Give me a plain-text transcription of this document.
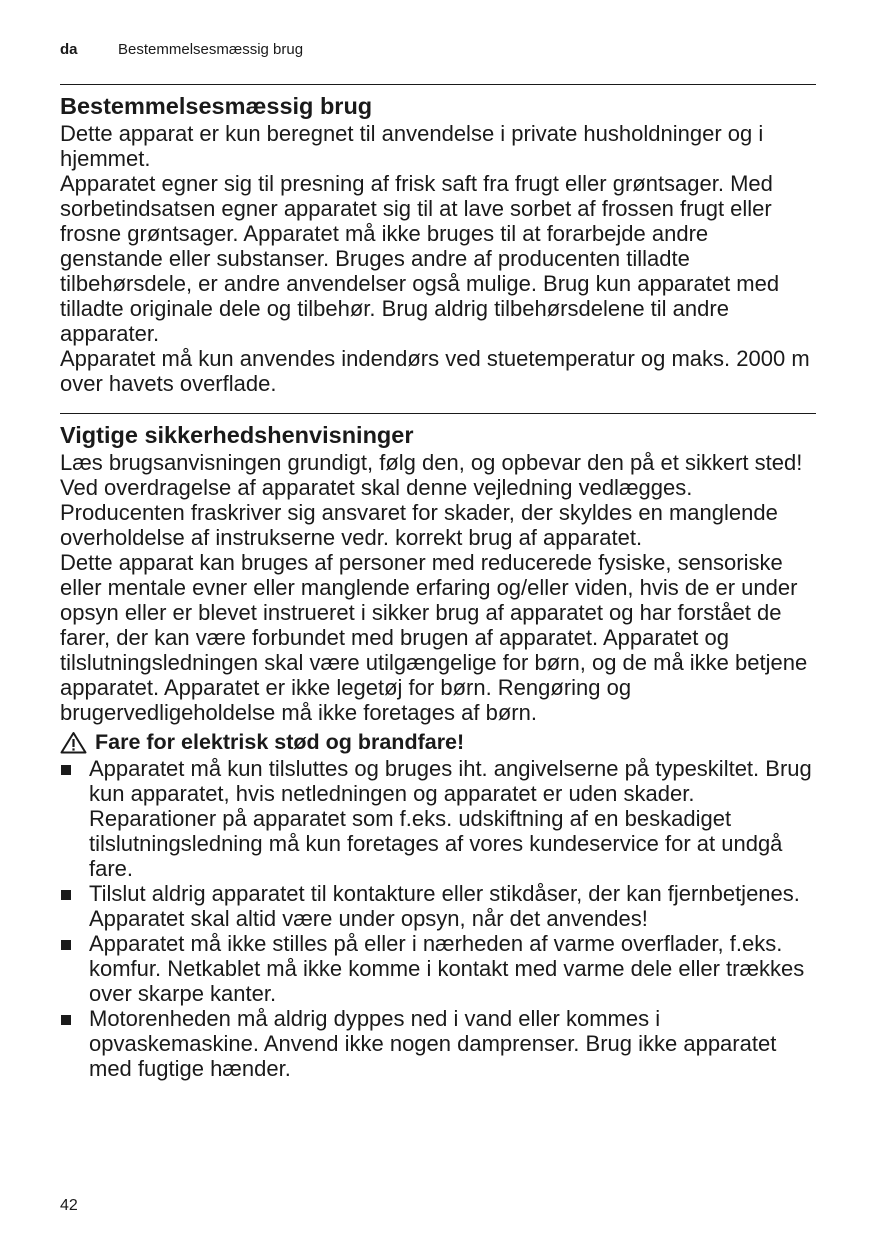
da	Bestemmelsesmæssig brug
Bestemmelsesmæssig brug

Dette apparat er kun beregnet til anvendelse i private husholdninger og i hjemmet.

Apparatet egner sig til presning af frisk saft fra frugt eller grøntsager. Med sorbetindsatsen egner apparatet sig til at lave sorbet af frossen frugt eller frosne grøntsager. Apparatet må ikke bruges til at forarbejde andre genstande eller substanser. Bruges andre af producenten tilladte tilbehørsdele, er andre anvendelser også mulige. Brug kun apparatet med tilladte originale dele og tilbehør. Brug aldrig tilbehørsdelene til andre apparater.

Apparatet må kun anvendes indendørs ved stuetemperatur og maks. 2000 m over havets overflade.

Vigtige sikkerhedshenvisninger

Læs brugsanvisningen grundigt, følg den, og opbevar den på et sikkert sted! Ved overdragelse af apparatet skal denne vejledning vedlægges. Producenten fraskriver sig ansvaret for skader, der skyldes en manglende overholdelse af instrukserne vedr. korrekt brug af apparatet.

Dette apparat kan bruges af personer med reducerede fysiske, sensoriske eller mentale evner eller manglende erfaring og/eller viden, hvis de er under opsyn eller er blevet instrueret i sikker brug af apparatet og har forstået de farer, der kan være forbundet med brugen af apparatet. Apparatet og tilslutningsledningen skal være utilgængelige for børn, og de må ikke betjene apparatet. Apparatet er ikke legetøj for børn. Rengøring og brugervedligeholdelse må ikke foretages af børn.

Fare for elektrisk stød og brandfare!
Apparatet må kun tilsluttes og bruges iht. angivelserne på typeskiltet. Brug kun apparatet, hvis netledningen og apparatet er uden skader. Reparationer på apparatet som f.eks. udskiftning af en beskadiget tilslutningsledning må kun foretages af vores kundeservice for at undgå fare.
Tilslut aldrig apparatet til kontakture eller stikdåser, der kan fjernbetjenes. Apparatet skal altid være under opsyn, når det anvendes!
Apparatet må ikke stilles på eller i nærheden af varme overflader, f.eks. komfur. Netkablet må ikke komme i kontakt med varme dele eller trækkes over skarpe kanter.
Motorenheden må aldrig dyppes ned i vand eller kommes i opvaskemaskine. Anvend ikke nogen damprenser. Brug ikke apparatet med fugtige hænder.
42
